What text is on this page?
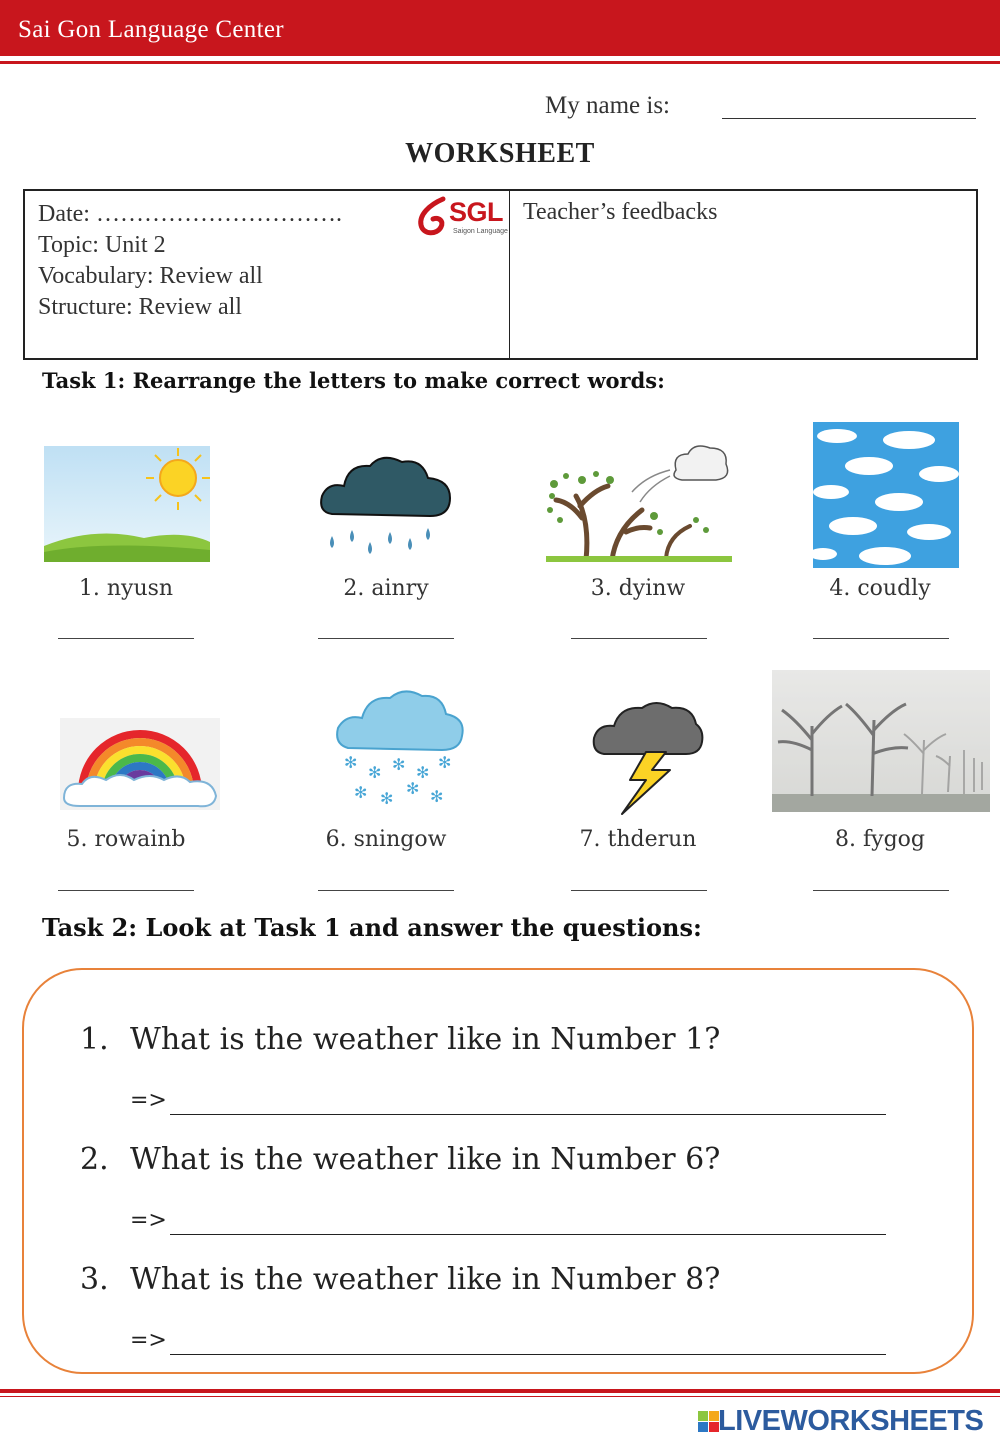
Sai Gon Language Center
My name is:
WORKSHEET
Date: ………………………….
Topic: Unit 2
Vocabulary: Review all
Structure: Review all
SGL
Saigon Language
Teacher’s feedbacks
Task 1: Rearrange the letters to make correct words:
1. nyusn	2. ainry	3. dyinw	4. coudly
✻
✻ ✻ ✻
✻
✻ ✻
✻ ✻
5. rowainb	6. sningow	7. thderun	8. fygog
Task 2: Look at Task 1 and answer the questions:
1. What is the weather like in Number 1?
=>
2. What is the weather like in Number 6?
=>
3. What is the weather like in Number 8?
=>
LIVEWORKSHEETS
